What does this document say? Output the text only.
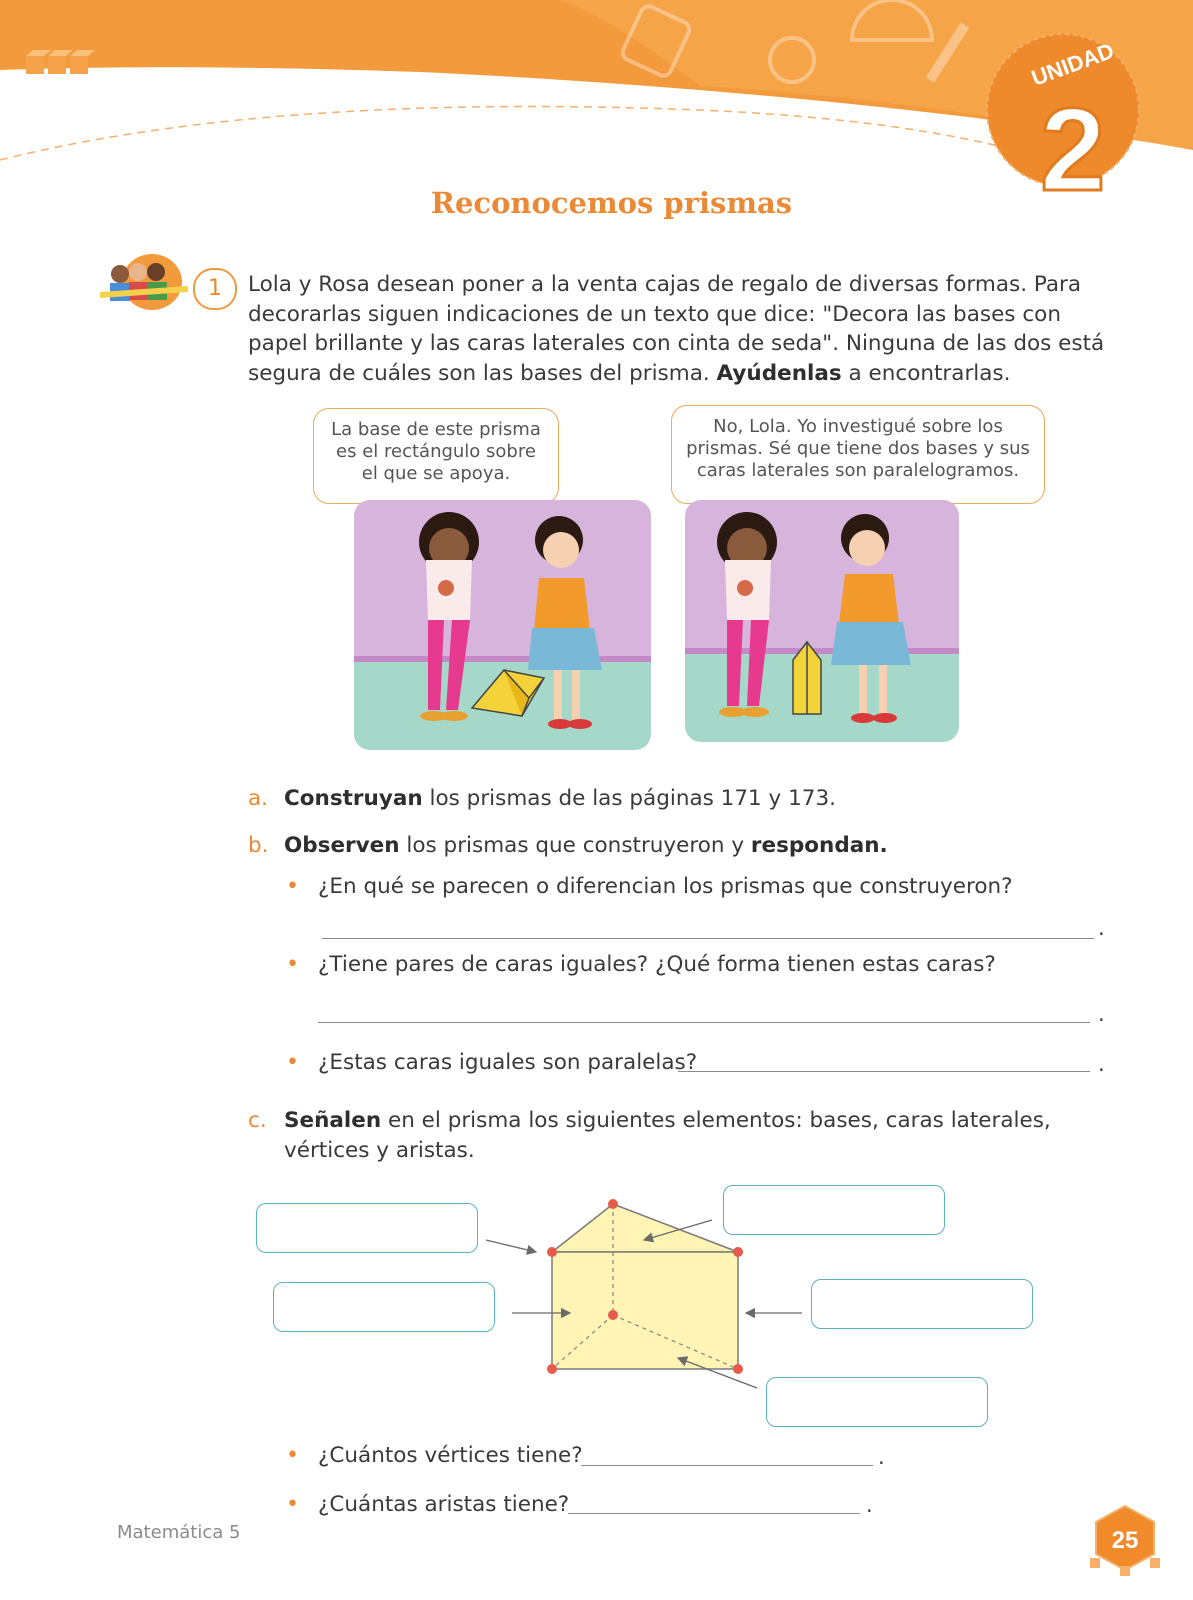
UNIDAD
2
Reconocemos prismas
1	Lola y Rosa desean poner a la venta cajas de regalo de diversas formas. Para decorarlas siguen indicaciones de un texto que dice: "Decora las bases con papel brillante y las caras laterales con cinta de seda". Ninguna de las dos está segura de cuáles son las bases del prisma. Ayúdenlas a encontrarlas.
La base de este prisma es el rectángulo sobre el que se apoya.
No, Lola. Yo investigué sobre los prismas. Sé que tiene dos bases y sus caras laterales son paralelogramos.
a. Construyan los prismas de las páginas 171 y 173.
b. Observen los prismas que construyeron y respondan.
• ¿En qué se parecen o diferencian los prismas que construyeron?
.
• ¿Tiene pares de caras iguales? ¿Qué forma tienen estas caras?
.
• ¿Estas caras iguales son paralelas?	.
c. Señalen en el prisma los siguientes elementos: bases, caras laterales, vértices y aristas.
• ¿Cuántos vértices tiene?	.
• ¿Cuántas aristas tiene?	.
Matemática 5	25
